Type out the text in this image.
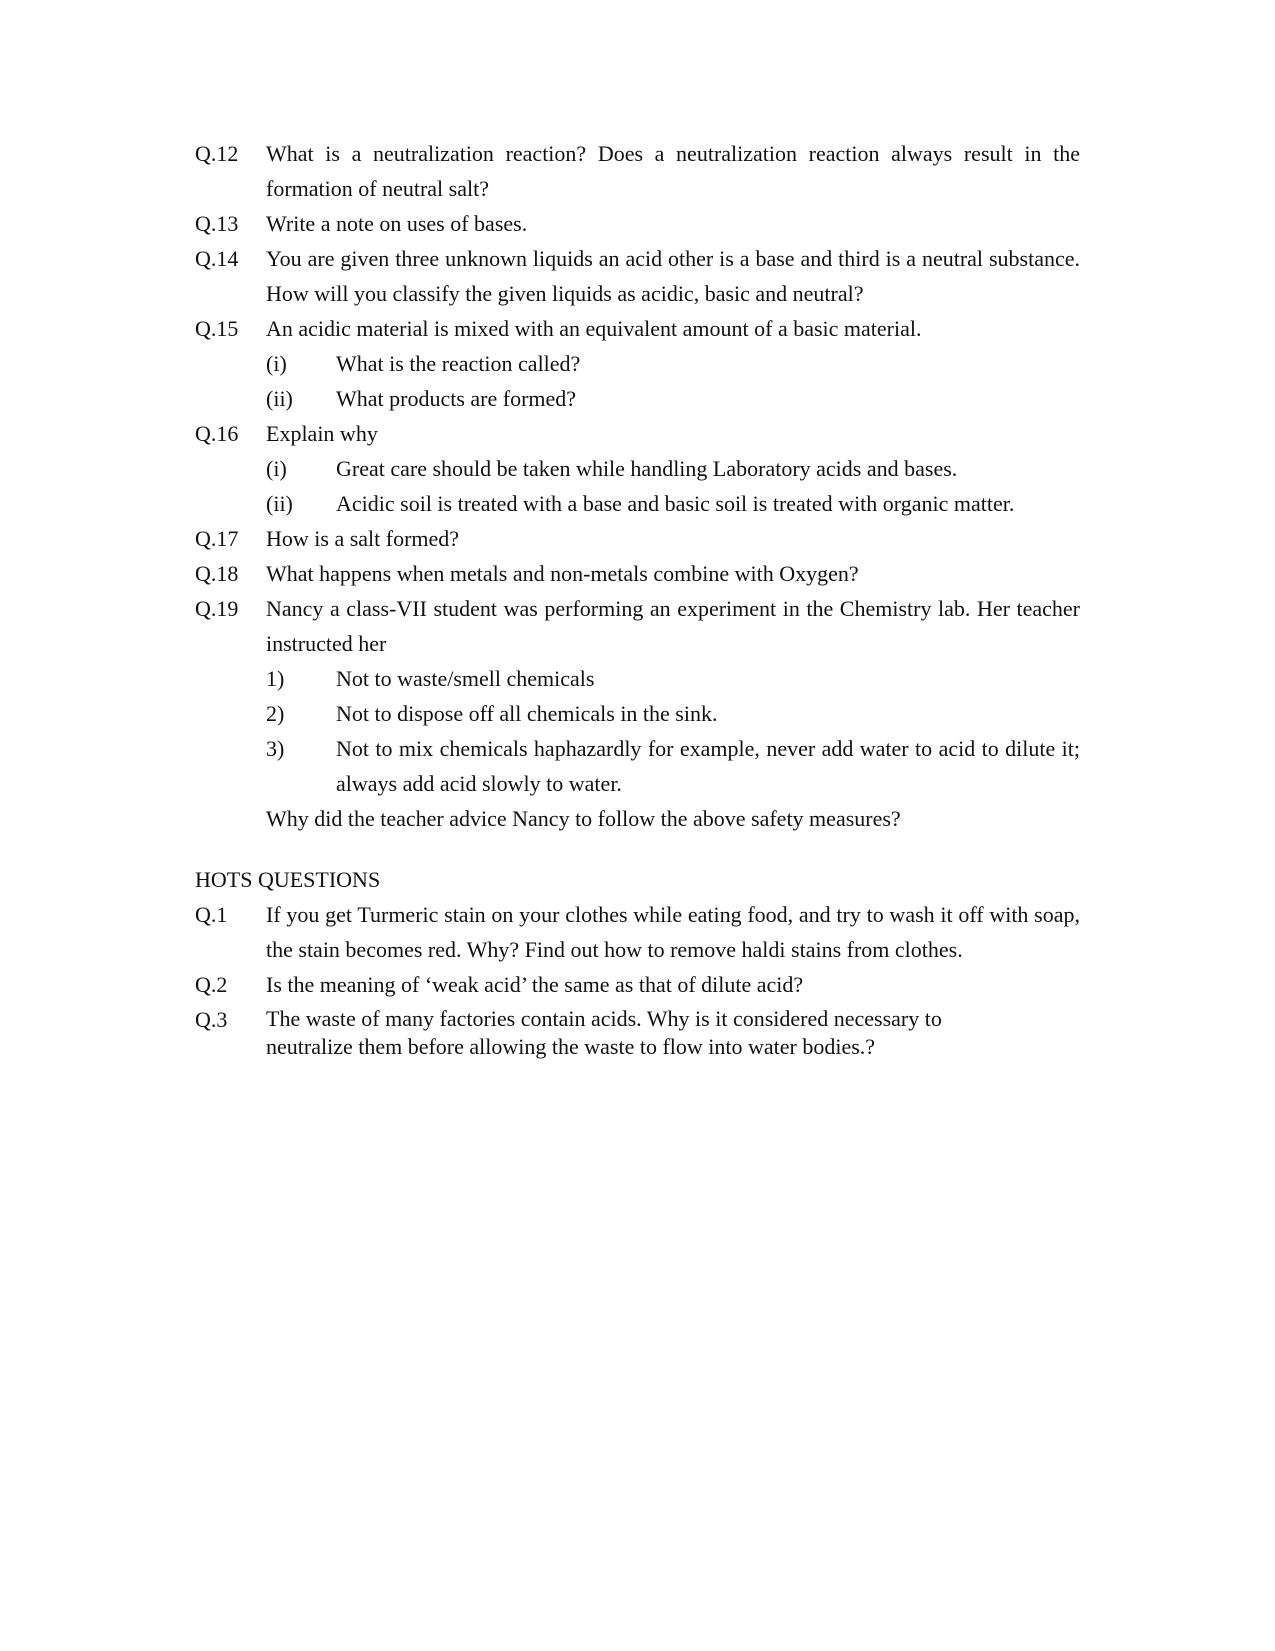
Q.12	What is a neutralization reaction? Does a neutralization reaction always result in the formation of neutral salt?
Q.13	Write a note on uses of bases.
Q.14	You are given three unknown liquids an acid other is a base and third is a neutral substance. How will you classify the given liquids as acidic, basic and neutral?
Q.15	An acidic material is mixed with an equivalent amount of a basic material.
(i)	What is the reaction called?
(ii)	What products are formed?
Q.16	Explain why
(i)	Great care should be taken while handling Laboratory acids and bases.
(ii)	Acidic soil is treated with a base and basic soil is treated with organic matter.
Q.17	How is a salt formed?
Q.18	What happens when metals and non-metals combine with Oxygen?
Q.19	Nancy a class-VII student was performing an experiment in the Chemistry lab. Her teacher instructed her
1)	Not to waste/smell chemicals
2)	Not to dispose off all chemicals in the sink.
3)	Not to mix chemicals haphazardly for example, never add water to acid to dilute it; always add acid slowly to water.
Why did the teacher advice Nancy to follow the above safety measures?
HOTS QUESTIONS
Q.1	If you get Turmeric stain on your clothes while eating food, and try to wash it off with soap, the stain becomes red. Why? Find out how to remove haldi stains from clothes.
Q.2	Is the meaning of ‘weak acid’ the same as that of dilute acid?
Q.3	The waste of many factories contain acids. Why is it considered necessary to
neutralize them before allowing the waste to flow into water bodies.?
